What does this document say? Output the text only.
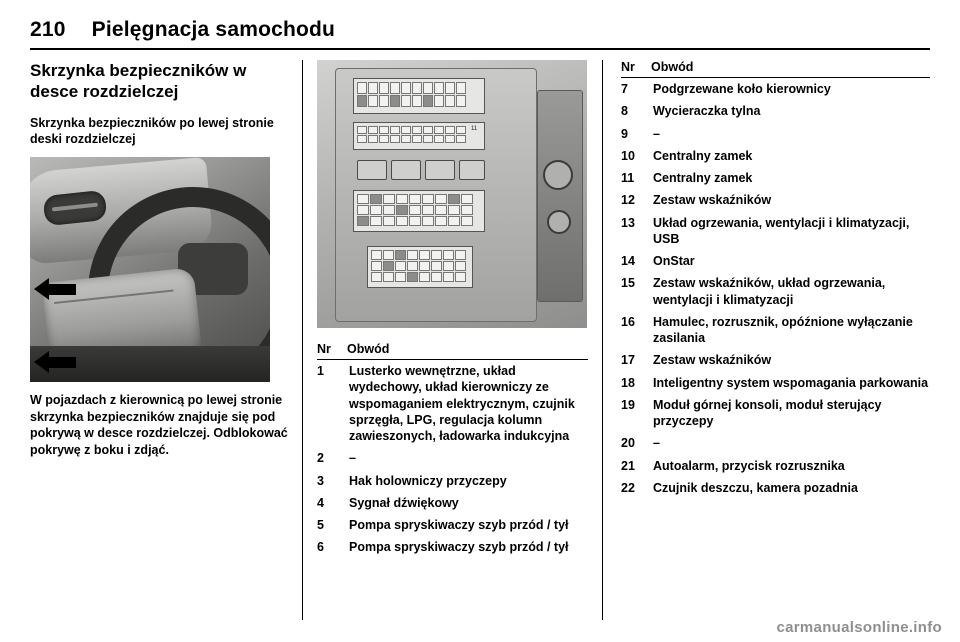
210 Pielęgnacja samochodu
Skrzynka bezpieczników w desce rozdzielczej
Skrzynka bezpieczników po lewej stronie deski rozdzielczej

W pojazdach z kierownicą po lewej stronie skrzynka bezpieczników znajduje się pod pokrywą w desce rozdzielczej. Odblokować pokrywę z boku i zdjąć.

11
Nr	Obwód
1	Lusterko wewnętrzne, układ wydechowy, układ kierowniczy ze wspomaganiem elektrycznym, czujnik sprzęgła, LPG, regulacja kolumn zawieszonych, ładowarka indukcyjna
2	–
3	Hak holowniczy przyczepy
4	Sygnał dźwiękowy
5	Pompa spryskiwaczy szyb przód / tył
6	Pompa spryskiwaczy szyb przód / tył
Nr	Obwód
7	Podgrzewane koło kierownicy
8	Wycieraczka tylna
9	–
10	Centralny zamek
11	Centralny zamek
12	Zestaw wskaźników
13	Układ ogrzewania, wentylacji i klimatyzacji, USB
14	OnStar
15	Zestaw wskaźników, układ ogrzewania, wentylacji i klimatyzacji
16	Hamulec, rozrusznik, opóźnione wyłączanie zasilania
17	Zestaw wskaźników
18	Inteligentny system wspomagania parkowania
19	Moduł górnej konsoli, moduł sterujący przyczepy
20	–
21	Autoalarm, przycisk rozrusznika
22	Czujnik deszczu, kamera pozadnia
carmanualsonline.info
